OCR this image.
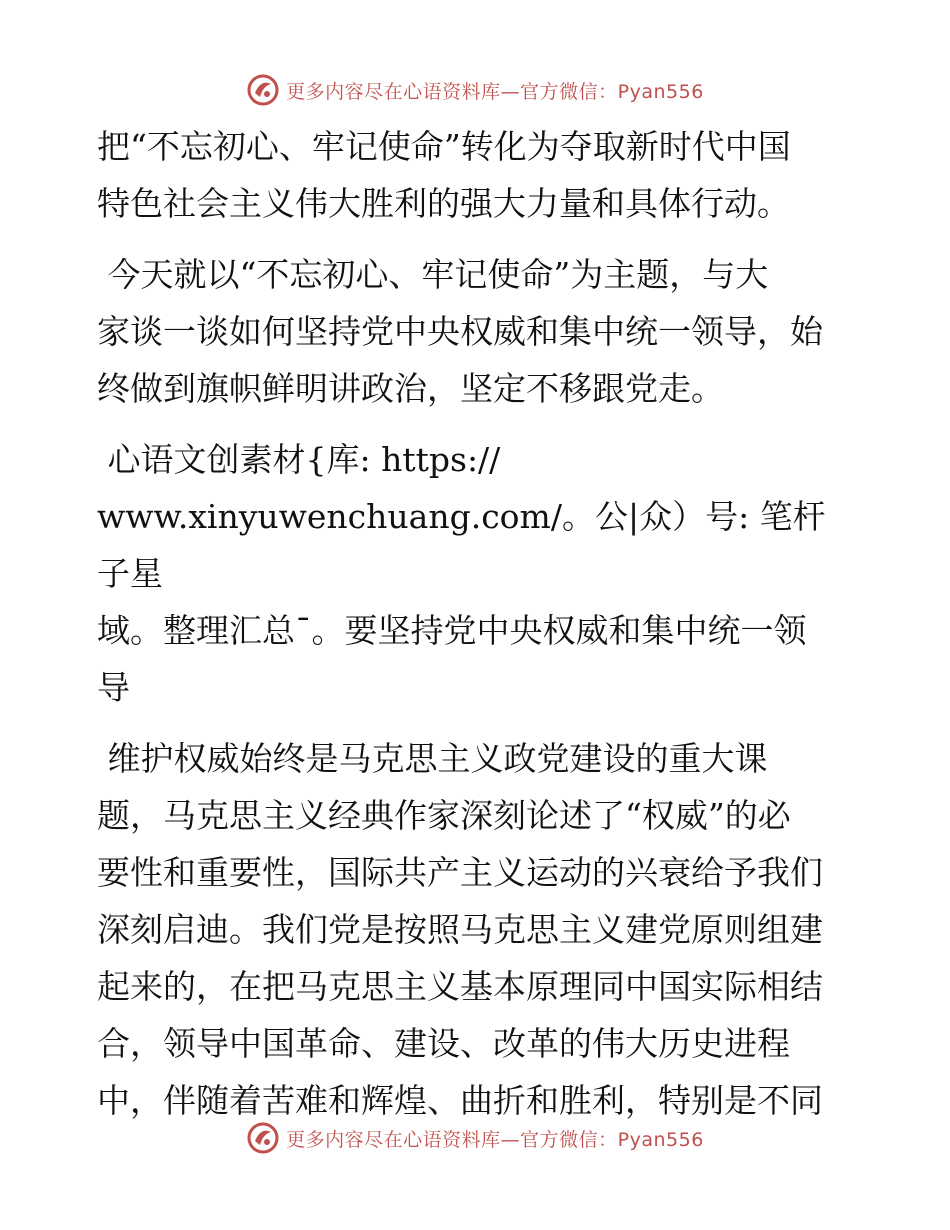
更多内容尽在心语资料库—官方微信：Pyan556

把“不忘初心、牢记使命”转化为夺取新时代中国
特色社会主义伟大胜利的强大力量和具体行动。

今天就以“不忘初心、牢记使命”为主题，与大
家谈一谈如何坚持党中央权威和集中统一领导，始
终做到旗帜鲜明讲政治，坚定不移跟党走。

心语文创素材{库: https://
www.xinyuwenchuang.com/。公|众）号: 笔杆子星
域。整理汇总¯。要坚持党中央权威和集中统一领
导

维护权威始终是马克思主义政党建设的重大课
题，马克思主义经典作家深刻论述了“权威”的必
要性和重要性，国际共产主义运动的兴衰给予我们
深刻启迪。我们党是按照马克思主义建党原则组建
起来的，在把马克思主义基本原理同中国实际相结
合，领导中国革命、建设、改革的伟大历史进程
中，伴随着苦难和辉煌、曲折和胜利，特别是不同

更多内容尽在心语资料库—官方微信：Pyan556
